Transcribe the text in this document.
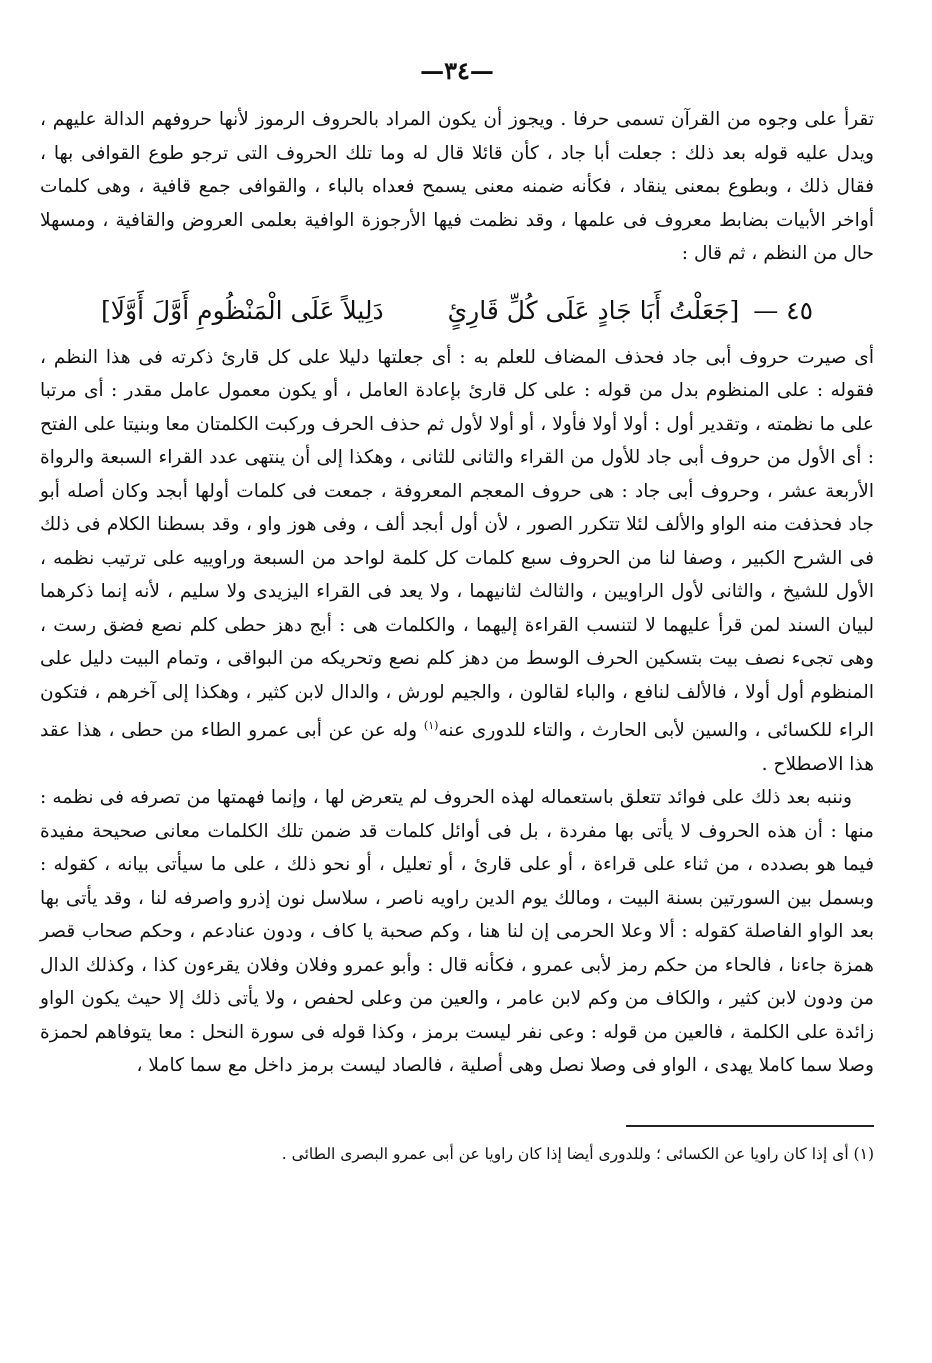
—٣٤—

تقرأ على وجوه من القرآن تسمى حرفا . ويجوز أن يكون المراد بالحروف الرموز لأنها حروفهم الدالة عليهم ، ويدل عليه قوله بعد ذلك : جعلت أبا جاد ، كأن قائلا قال له وما تلك الحروف التى ترجو طوع القوافى بها ، فقال ذلك ، وبطوع بمعنى ينقاد ، فكأنه ضمنه معنى يسمح فعداه بالباء ، والقوافى جمع قافية ، وهى كلمات أواخر الأبيات بضابط معروف فى علمها ، وقد نظمت فيها الأرجوزة الوافية بعلمى العروض والقافية ، ومسهلا حال من النظم ، ثم قال :

٤٥ — [جَعَلْتُ أَبَا جَادٍ عَلَى كُلِّ قَارِئٍ  دَلِيلاً عَلَى الْمَنْظُومِ أَوَّلَ أَوَّلَا]

أى صيرت حروف أبى جاد فحذف المضاف للعلم به : أى جعلتها دليلا على كل قارئ ذكرته فى هذا النظم ، فقوله : على المنظوم بدل من قوله : على كل قارئ بإعادة العامل ، أو يكون معمول عامل مقدر : أى مرتبا على ما نظمته ، وتقدير أول : أولا أولا فأولا ، أو أولا لأول ثم حذف الحرف وركبت الكلمتان معا وبنيتا على الفتح : أى الأول من حروف أبى جاد للأول من القراء والثانى للثانى ، وهكذا إلى أن ينتهى عدد القراء السبعة والرواة الأربعة عشر ، وحروف أبى جاد : هى حروف المعجم المعروفة ، جمعت فى كلمات أولها أبجد وكان أصله أبو جاد فحذفت منه الواو والألف لئلا تتكرر الصور ، لأن أول أبجد ألف ، وفى هوز واو ، وقد بسطنا الكلام فى ذلك فى الشرح الكبير ، وصفا لنا من الحروف سبع كلمات كل كلمة لواحد من السبعة وراوييه على ترتيب نظمه ، الأول للشيخ ، والثانى لأول الراويين ، والثالث لثانيهما ، ولا يعد فى القراء اليزيدى ولا سليم ، لأنه إنما ذكرهما لبيان السند لمن قرأ عليهما لا لتنسب القراءة إليهما ، والكلمات هى : أبج دهز حطى كلم نصع فضق رست ، وهى تجىء نصف بيت بتسكين الحرف الوسط من دهز كلم نصع وتحريكه من البواقى ، وتمام البيت دليل على المنظوم أول أولا ، فالألف لنافع ، والباء لقالون ، والجيم لورش ، والدال لابن كثير ، وهكذا إلى آخرهم ، فتكون الراء للكسائى ، والسين لأبى الحارث ، والتاء للدورى عنه$^{(١)}$ وله عن عن أبى عمرو الطاء من حطى ، هذا عقد هذا الاصطلاح .

وننبه بعد ذلك على فوائد تتعلق باستعماله لهذه الحروف لم يتعرض لها ، وإنما فهمتها من تصرفه فى نظمه : منها : أن هذه الحروف لا يأتى بها مفردة ، بل فى أوائل كلمات قد ضمن تلك الكلمات معانى صحيحة مفيدة فيما هو بصدده ، من ثناء على قراءة ، أو على قارئ ، أو تعليل ، أو نحو ذلك ، على ما سيأتى بيانه ، كقوله : وبسمل بين السورتين بسنة البيت ، ومالك يوم الدين راويه ناصر ، سلاسل نون إذرو واصرفه لنا ، وقد يأتى بها بعد الواو الفاصلة كقوله : ألا وعلا الحرمى إن لنا هنا ، وكم صحبة يا كاف ، ودون عنادعم ، وحكم صحاب قصر همزة جاءنا ، فالحاء من حكم رمز لأبى عمرو ، فكأنه قال : وأبو عمرو وفلان وفلان يقرءون كذا ، وكذلك الدال من ودون لابن كثير ، والكاف من وكم لابن عامر ، والعين من وعلى لحفص ، ولا يأتى ذلك إلا حيث يكون الواو زائدة على الكلمة ، فالعين من قوله : وعى نفر ليست برمز ، وكذا قوله فى سورة النحل : معا يتوفاهم لحمزة وصلا سما كاملا يهدى ، الواو فى وصلا نصل وهى أصلية ، فالصاد ليست برمز داخل مع سما كاملا ،

(١) أى إذا كان راويا عن الكسائى ؛ وللدورى أيضا إذا كان راويا عن أبى عمرو البصرى الطائى .
